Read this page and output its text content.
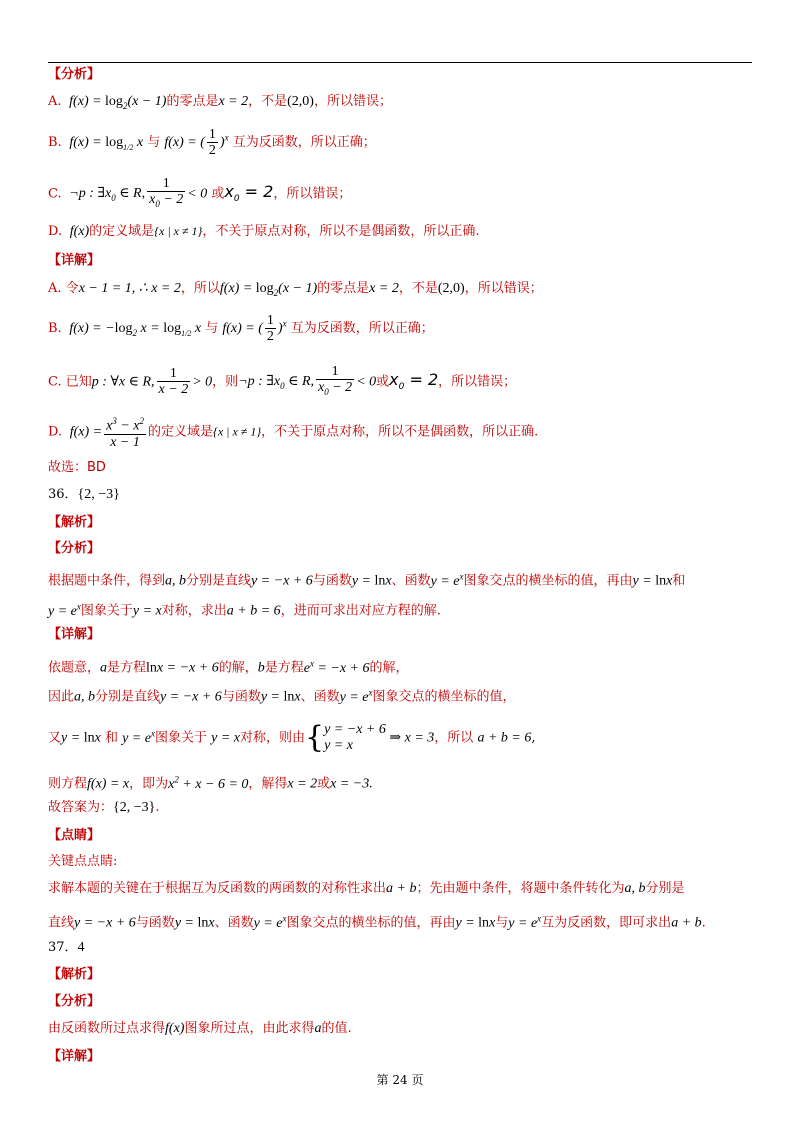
【分析】
A.  $f(x) = \log_2(x - 1)$的零点是x = 2，不是(2,0)，所以错误；
B.  $f(x) = \log_{1/2} x$ 与 f(x) = ( $\frac{1}{2} )^x$ 互为反函数，所以正确；
C.  ¬p : $\exists x_0$ ∈ R, $\frac{1}{x_0 - 2} < 0$ 或$x_0 = 2$，所以错误；
D.  f(x)的定义域是{x | x ≠ 1}，不关于原点对称，所以不是偶函数，所以正确.
【详解】
A. 令x − 1 = 1, ∴ x = 2，所以$f(x) = \log_2(x - 1)$的零点是x = 2，不是(2,0)，所以错误；
B.  $f(x) = -\log_2$ $x = \log_{1/2} x$ 与 f(x) = ( $\frac{1}{2} )^x$ 互为反函数，所以正确；
C. 已知p : ∀x ∈ R, $\frac{1}{x - 2} > 0$，则¬p : $\exists x_0$ ∈ R, $\frac{1}{x_0 - 2} < 0$或$x_0 = 2$，所以错误；
D.  $f(x) = \frac{x^3 - x^2}{x - 1}$ 的定义域是{x | x ≠ 1}，不关于原点对称，所以不是偶函数，所以正确.
故选：BD
36．{2, −3}
【解析】
【分析】
根据题中条件，得到a, b分别是直线y = −x + 6与函数y = lnx、函数$y = e^x$图象交点的横坐标的值，再由y = lnx和
$y = e^x$图象关于y = x对称，求出a + b = 6，进而可求出对应方程的解.
【详解】
依题意，a是方程lnx = −x + 6的解，b是方程$e^x = -x + 6$的解，
因此a, b分别是直线y = −x + 6与函数y = lnx、函数$y = e^x$图象交点的横坐标的值，
又y = lnx 和 $y = e^x$图象关于 y = x对称，则由{ y = −x + 6
y = x	⇒ x = 3，所以 a + b = 6,
则方程f(x) = x，即为$x^2 + x - 6 = 0$，解得x = 2或x = −3.
故答案为：{2, −3}.
【点睛】
关键点点睛:
求解本题的关键在于根据互为反函数的两函数的对称性求出a + b；先由题中条件，将题中条件转化为a, b分别是
直线y = −x + 6与函数y = lnx、函数$y = e^x$图象交点的横坐标的值，再由y = lnx与$y = e^x$互为反函数，即可求出a + b.
37．4
【解析】
【分析】
由反函数所过点求得f(x)图象所过点，由此求得a的值.
【详解】
第 24 页
